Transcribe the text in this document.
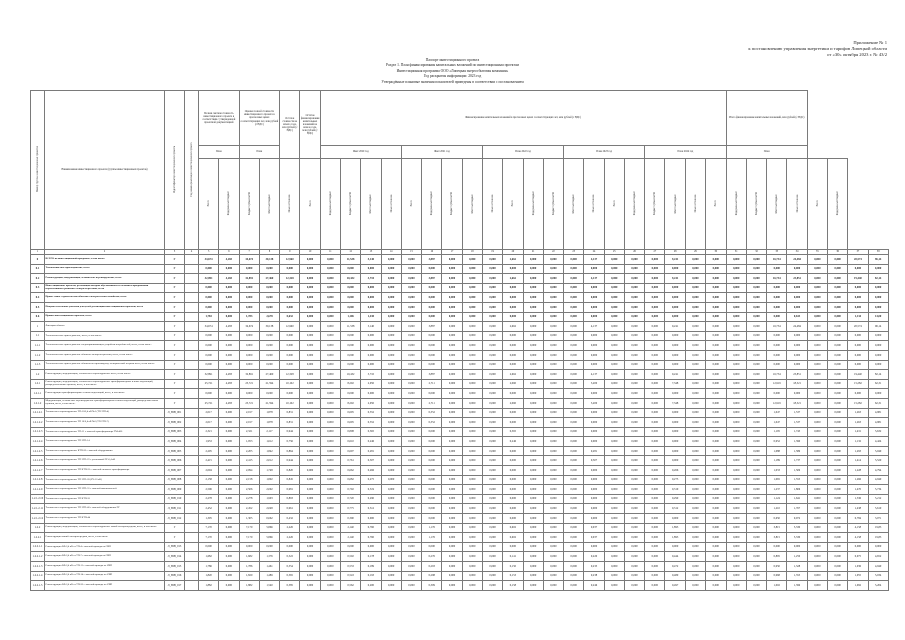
Приложение № 1
к постановлению управления энергетики и тарифов Липецкой области
от «30» октября 2023 г. № 43/2
Паспорт инвестиционного проекта
Раздел 1. План финансирования капитальных вложений по инвестиционным проектам
Инвестиционная программа ООО «Липецкая энергосбытовая компания»
Год раскрытия информации: 2023 год
Утверждённые плановые значения показателей приведены в соответствии с постановлением
Номер группы инвестиционных проектов	Наименование инвестиционного проекта (группы инвестиционных проектов)	Идентификатор инвестиционного проекта	Год начала реализации инвестиционного проекта	Полная сметная стоимость инвестиционного проекта в соответствии с утвержденной проектной документацией		Оценка полной стоимости инвестиционного проекта в прогнозных ценах соответствующих лет, млн рублей (с НДС)		Остаток стоимости на начало года, млн рублей (с НДС)	Остаток финансирования капитальных вложений на начало года, млн рублей (с НДС)	Финансирование капитальных вложений в прогнозных ценах соответствующих лет, млн рублей (с НДС)																				Итого финансирование капитальных вложений, млн рублей (с НДС)							
				План		План				Факт 2020 год				Факт 2021 год				План 2022 год				План 2023 год				План 2024 год				План							
				Всего	Федеральный бюджет	Бюджет субъекта РФ	Местный бюджет	Иные источники	Всего	Федеральный бюджет	Бюджет субъекта РФ	Местный бюджет	Иные источники	Всего	Федеральный бюджет	Бюджет субъекта РФ	Местный бюджет	Иные источники	Всего	Федеральный бюджет	Бюджет субъекта РФ	Местный бюджет	Иные источники	Всего	Федеральный бюджет	Бюджет субъекта РФ	Местный бюджет	Иные источники	Всего	Федеральный бюджет	Бюджет субъекта РФ	Местный бюджет	Иные источники	Всего	Федеральный бюджет		
1	2	3	4	5	6	7	8	9	10	11	12	13	14	15	16	17	18	19	20	21	22	23	24	25	26	27	28	29	30	31	32	33	34	35	36	37	38
0	ВСЕГО по инвестиционной программе, в том числе:	Г		34,674	4,283	34,674	30,138	12,960	0,000	0,000	11,538	5,140	0,000	0,000	3,887	0,000	0,000	0,000	2,662	0,000	0,000	0,000	4,137	0,000	0,000	0,000	9,241	0,000	0,000	0,000	0,000	16,734	24,484	0,000	0,000	20,574	96,14
0.1	Технологическое присоединение, всего	Г		0,000	0,000	0,000	0,000	0,000	0,000	0,000	0,000	0,000	0,000	0,000	0,000	0,000	0,000	0,000	0,000	0,000	0,000	0,000	0,000	0,000	0,000	0,000	0,000	0,000	0,000	0,000	0,000	0,000	0,000	0,000	0,000	0,000	0,000
0.2	Реконструкция, модернизация, техническое перевооружение, всего	Г		32,891	4,283	32,891	27,460	12,328	0,000	0,000	10,432	3,710	0,000	0,000	3,887	0,000	0,000	0,000	2,662	0,000	0,000	0,000	4,137	0,000	0,000	0,000	9,241	0,000	0,000	0,000	0,000	16,734	23,851	0,000	0,000	19,440	82,14
0.3	Инвестиционные проекты, реализация которых обусловливается схемами и программами перспективного развития электроэнергетики, всего	Г		0,000	0,000	0,000	0,000	0,000	0,000	0,000	0,000	0,000	0,000	0,000	0,000	0,000	0,000	0,000	0,000	0,000	0,000	0,000	0,000	0,000	0,000	0,000	0,000	0,000	0,000	0,000	0,000	0,000	0,000	0,000	0,000	0,000	0,000
0.4	Прочее новое строительство объектов электросетевого хозяйства, всего	Г		0,000	0,000	0,000	0,000	0,000	0,000	0,000	0,000	0,000	0,000	0,000	0,000	0,000	0,000	0,000	0,000	0,000	0,000	0,000	0,000	0,000	0,000	0,000	0,000	0,000	0,000	0,000	0,000	0,000	0,000	0,000	0,000	0,000	0,000
0.5	Покупка земельных участков для целей реализации инвестиционных проектов, всего	Г		0,000	0,000	0,000	0,000	0,000	0,000	0,000	0,000	0,000	0,000	0,000	0,000	0,000	0,000	0,000	0,000	0,000	0,000	0,000	0,000	0,000	0,000	0,000	0,000	0,000	0,000	0,000	0,000	0,000	0,000	0,000	0,000	0,000	0,000
0.6	Прочие инвестиционные проекты, всего	Г		1,783	0,000	1,783	2,678	0,632	0,000	0,000	1,106	1,430	0,000	0,000	0,000	0,000	0,000	0,000	0,000	0,000	0,000	0,000	0,000	0,000	0,000	0,000	0,000	0,000	0,000	0,000	0,000	0,000	0,633	0,000	0,000	1,134	14,00
1	Липецкая область	Г		34,674	4,283	34,674	30,138	12,960	0,000	0,000	11,538	5,140	0,000	0,000	3,887	0,000	0,000	0,000	2,662	0,000	0,000	0,000	4,137	0,000	0,000	0,000	9,241	0,000	0,000	0,000	0,000	16,734	24,484	0,000	0,000	20,574	96,14
1.1	Технологическое присоединение, всего, в том числе:	Г		0,000	0,000	0,000	0,000	0,000	0,000	0,000	0,000	0,000	0,000	0,000	0,000	0,000	0,000	0,000	0,000	0,000	0,000	0,000	0,000	0,000	0,000	0,000	0,000	0,000	0,000	0,000	0,000	0,000	0,000	0,000	0,000	0,000	0,000
1.1.1	Технологическое присоединение энергопринимающих устройств потребителей, всего, в том числе:	Г		0,000	0,000	0,000	0,000	0,000	0,000	0,000	0,000	0,000	0,000	0,000	0,000	0,000	0,000	0,000	0,000	0,000	0,000	0,000	0,000	0,000	0,000	0,000	0,000	0,000	0,000	0,000	0,000	0,000	0,000	0,000	0,000	0,000	0,000
1.1.2	Технологическое присоединение объектов электроэнергетики, всего, в том числе:	Г		0,000	0,000	0,000	0,000	0,000	0,000	0,000	0,000	0,000	0,000	0,000	0,000	0,000	0,000	0,000	0,000	0,000	0,000	0,000	0,000	0,000	0,000	0,000	0,000	0,000	0,000	0,000	0,000	0,000	0,000	0,000	0,000	0,000	0,000
1.1.3	Технологическое присоединение объектов по производству электрической энергии всего, в том числе:	Г		0,000	0,000	0,000	0,000	0,000	0,000	0,000	0,000	0,000	0,000	0,000	0,000	0,000	0,000	0,000	0,000	0,000	0,000	0,000	0,000	0,000	0,000	0,000	0,000	0,000	0,000	0,000	0,000	0,000	0,000	0,000	0,000	0,000	0,000
1.2	Реконструкция, модернизация, техническое перевооружение всего, в том числе:	Г		32,891	4,283	32,891	27,460	12,328	0,000	0,000	10,432	3,710	0,000	0,000	3,887	0,000	0,000	0,000	2,662	0,000	0,000	0,000	4,137	0,000	0,000	0,000	9,241	0,000	0,000	0,000	0,000	16,734	23,851	0,000	0,000	19,440	82,14
1.2.1	Реконструкция, модернизация, техническое перевооружение трансформаторных и иных подстанций, распределительных пунктов, всего, в том числе:	Г		25,721	4,283	25,721	21,594	10,102	0,000	0,000	8,292	2,950	0,000	0,000	2,711	0,000	0,000	0,000	2,060	0,000	0,000	0,000	3,200	0,000	0,000	0,000	7,348	0,000	0,000	0,000	0,000	12,919	18,521	0,000	0,000	15,282	62,31
1.2.1.1	Реконструкция трансформаторных и иных подстанций, всего, в том числе:	Г		0,000	0,000	0,000	0,000	0,000	0,000	0,000	0,000	0,000	0,000	0,000	0,000	0,000	0,000	0,000	0,000	0,000	0,000	0,000	0,000	0,000	0,000	0,000	0,000	0,000	0,000	0,000	0,000	0,000	0,000	0,000	0,000	0,000	0,000
1.2.1.2	Модернизация, техническое перевооружение трансформаторных и иных подстанций, распределительных пунктов, всего, в том числе:	Г		25,721	4,283	25,721	21,594	10,102	0,000	0,000	8,292	2,950	0,000	0,000	2,711	0,000	0,000	0,000	2,060	0,000	0,000	0,000	3,200	0,000	0,000	0,000	7,348	0,000	0,000	0,000	0,000	12,919	18,521	0,000	0,000	15,282	62,31
1.2.1.2.1	Техническое перевооружение ТП-10/0,4 кВ №1 (ТП ЗТП-4)	Л_ЮВ_001		2,017	0,000	2,017	1,878	0,831	0,000	0,000	0,695	0,352	0,000	0,000	0,352	0,000	0,000	0,000	0,000	0,000	0,000	0,000	0,000	0,000	0,000	0,000	0,000	0,000	0,000	0,000	0,000	1,047	1,537	0,000	0,000	1,263	4,981
1.2.1.2.2	Техническое перевооружение ТП 10/0,4 кВ №2 (ТП ЗТП-7)	Л_ЮВ_002		2,017	0,000	2,017	1,878	0,831	0,000	0,000	0,695	0,352	0,000	0,000	0,352	0,000	0,000	0,000	0,000	0,000	0,000	0,000	0,000	0,000	0,000	0,000	0,000	0,000	0,000	0,000	0,000	1,047	1,537	0,000	0,000	1,263	4,981
1.2.1.2.3	Техническое перевооружение ТП-11 с заменой трансформатора ТМ-400	Л_ЮВ_003		2,321	0,000	2,321	2,117	0,944	0,000	0,000	0,808	0,365	0,000	0,000	0,000	0,000	0,000	0,000	0,365	0,000	0,000	0,000	0,000	0,000	0,000	0,000	0,000	0,000	0,000	0,000	0,000	1,195	1,745	0,000	0,000	1,431	5,632
1.2.1.2.4	Техническое перевооружение ТП ЗТП-14	Л_ЮВ_004		1,953	0,000	1,953	1,612	0,756	0,000	0,000	0,610	0,246	0,000	0,000	0,000	0,000	0,000	0,000	0,246	0,000	0,000	0,000	0,000	0,000	0,000	0,000	0,000	0,000	0,000	0,000	0,000	0,952	1,390	0,000	0,000	1,132	4,424
1.2.1.2.5	Техническое перевооружение КТП-20 с заменой оборудования	Л_ЮВ_005		2,205	0,000	2,205	1,842	0,864	0,000	0,000	0,697	0,281	0,000	0,000	0,000	0,000	0,000	0,000	0,000	0,000	0,000	0,000	0,281	0,000	0,000	0,000	0,000	0,000	0,000	0,000	0,000	1,088	1,589	0,000	0,000	1,293	5,049
1.2.1.2.6	Техническое перевооружение ТП ЗТП-22 с установкой РУ-0,4 кВ	Л_ЮВ_006		2,415	0,000	2,415	2,012	0,944	0,000	0,000	0,761	0,307	0,000	0,000	0,000	0,000	0,000	0,000	0,000	0,000	0,000	0,000	0,307	0,000	0,000	0,000	0,000	0,000	0,000	0,000	0,000	1,189	1,737	0,000	0,000	1,414	5,520
1.2.1.2.7	Техническое перевооружение ТП КТП-25 с заменой силового трансформатора	Л_ЮВ_007		2,094	0,000	2,094	1,748	0,820	0,000	0,000	0,662	0,266	0,000	0,000	0,000	0,000	0,000	0,000	0,000	0,000	0,000	0,000	0,000	0,000	0,000	0,000	0,266	0,000	0,000	0,000	0,000	1,033	1,509	0,000	0,000	1,228	4,794
1.2.1.2.8	Техническое перевооружение ТП ЗТП-28 (РУ-10 кВ)	Л_ЮВ_008		2,158	0,000	2,158	1,802	0,845	0,000	0,000	0,682	0,275	0,000	0,000	0,000	0,000	0,000	0,000	0,000	0,000	0,000	0,000	0,000	0,000	0,000	0,000	0,275	0,000	0,000	0,000	0,000	1,065	1,555	0,000	0,000	1,266	4,940
1.2.1.2.9	Техническое перевооружение ТП ЗТП-31 с заменой выключателей	Л_ЮВ_009		2,506	0,000	2,506	2,092	0,981	0,000	0,000	0,792	0,319	0,000	0,000	0,000	0,000	0,000	0,000	0,000	0,000	0,000	0,000	0,000	0,000	0,000	0,000	0,319	0,000	0,000	0,000	0,000	1,237	1,806	0,000	0,000	1,470	5,734
1.2.1.2.10	Техническое перевооружение ТП КТП-35	Л_ЮВ_010		2,278	0,000	2,278	1,903	0,893	0,000	0,000	0,720	0,290	0,000	0,000	0,000	0,000	0,000	0,000	0,000	0,000	0,000	0,000	0,000	0,000	0,000	0,000	0,290	0,000	0,000	0,000	0,000	1,124	1,641	0,000	0,000	1,336	5,212
1.2.1.2.11	Техническое перевооружение ТП ЗТП-40 с заменой оборудования РУ	Л_ЮВ_011		2,452	0,000	2,452	2,048	0,961	0,000	0,000	0,775	0,312	0,000	0,000	0,000	0,000	0,000	0,000	0,000	0,000	0,000	0,000	0,000	0,000	0,000	0,000	0,312	0,000	0,000	0,000	0,000	1,210	1,767	0,000	0,000	1,438	5,610
1.2.1.2.12	Техническое перевооружение ТП КТП-44	Л_ЮВ_012		1,305	0,000	1,305	0,662	0,432	0,000	0,000	0,390	0,000	0,000	0,000	0,000	0,000	0,000	0,000	0,000	0,000	0,000	0,000	0,000	0,000	0,000	0,000	0,000	0,000	0,000	0,000	0,000	0,650	0,972	0,000	0,000	0,784	3,071
1.2.2	Реконструкция, модернизация, техническое перевооружение линий электропередачи, всего, в том числе:	Г		7,170	0,000	7,170	5,866	2,226	0,000	0,000	2,140	0,760	0,000	0,000	1,176	0,000	0,000	0,000	0,602	0,000	0,000	0,000	0,937	0,000	0,000	0,000	1,893	0,000	0,000	0,000	0,000	3,815	5,330	0,000	0,000	4,158	19,83
1.2.2.1	Реконструкция линий электропередачи, всего, в том числе:	Г		7,170	0,000	7,170	5,866	2,226	0,000	0,000	2,140	0,760	0,000	0,000	1,176	0,000	0,000	0,000	0,602	0,000	0,000	0,000	0,937	0,000	0,000	0,000	1,893	0,000	0,000	0,000	0,000	3,815	5,330	0,000	0,000	4,158	19,83
1.2.2.1.1	Реконструкция ВЛ-0,4 кВ от ТП-4 с заменой провода на СИП	Л_ЮВ_013		0,000	0,000	0,000	0,000	0,000	0,000	0,000	0,000	0,000	0,000	0,000	0,000	0,000	0,000	0,000	0,000	0,000	0,000	0,000	0,000	0,000	0,000	0,000	0,000	0,000	0,000	0,000	0,000	0,000	0,000	0,000	0,000	0,000	0,000
1.2.2.1.2	Реконструкция ВЛ-0,4 кВ от ТП-7 с заменой провода на СИП	Л_ЮВ_014		1,682	0,000	1,682	1,376	0,522	0,000	0,000	0,502	0,178	0,000	0,000	0,276	0,000	0,000	0,000	0,141	0,000	0,000	0,000	0,220	0,000	0,000	0,000	0,444	0,000	0,000	0,000	0,000	0,895	1,250	0,000	0,000	0,975	4,652
1.2.2.1.3	Реконструкция ВЛ-0,4 кВ от ТП-11 с заменой провода на СИП	Л_ЮВ_015		1,786	0,000	1,786	1,461	0,554	0,000	0,000	0,533	0,189	0,000	0,000	0,293	0,000	0,000	0,000	0,150	0,000	0,000	0,000	0,233	0,000	0,000	0,000	0,472	0,000	0,000	0,000	0,000	0,950	1,328	0,000	0,000	1,036	4,940
1.2.2.1.4	Реконструкция ВЛ-0,4 кВ от ТП-14 с заменой провода на СИП	Л_ЮВ_016		1,820	0,000	1,820	1,489	0,565	0,000	0,000	0,543	0,193	0,000	0,000	0,298	0,000	0,000	0,000	0,153	0,000	0,000	0,000	0,238	0,000	0,000	0,000	0,480	0,000	0,000	0,000	0,000	0,968	1,353	0,000	0,000	1,055	5,034
1.2.2.1.5	Реконструкция ВЛ-0,4 кВ от ТП-20 с заменой провода на СИП	Л_ЮВ_017		1,882	0,000	1,882	1,540	0,585	0,000	0,000	0,562	0,200	0,000	0,000	0,309	0,000	0,000	0,000	0,158	0,000	0,000	0,000	0,246	0,000	0,000	0,000	0,497	0,000	0,000	0,000	0,000	1,002	1,399	0,000	0,000	1,092	5,204
